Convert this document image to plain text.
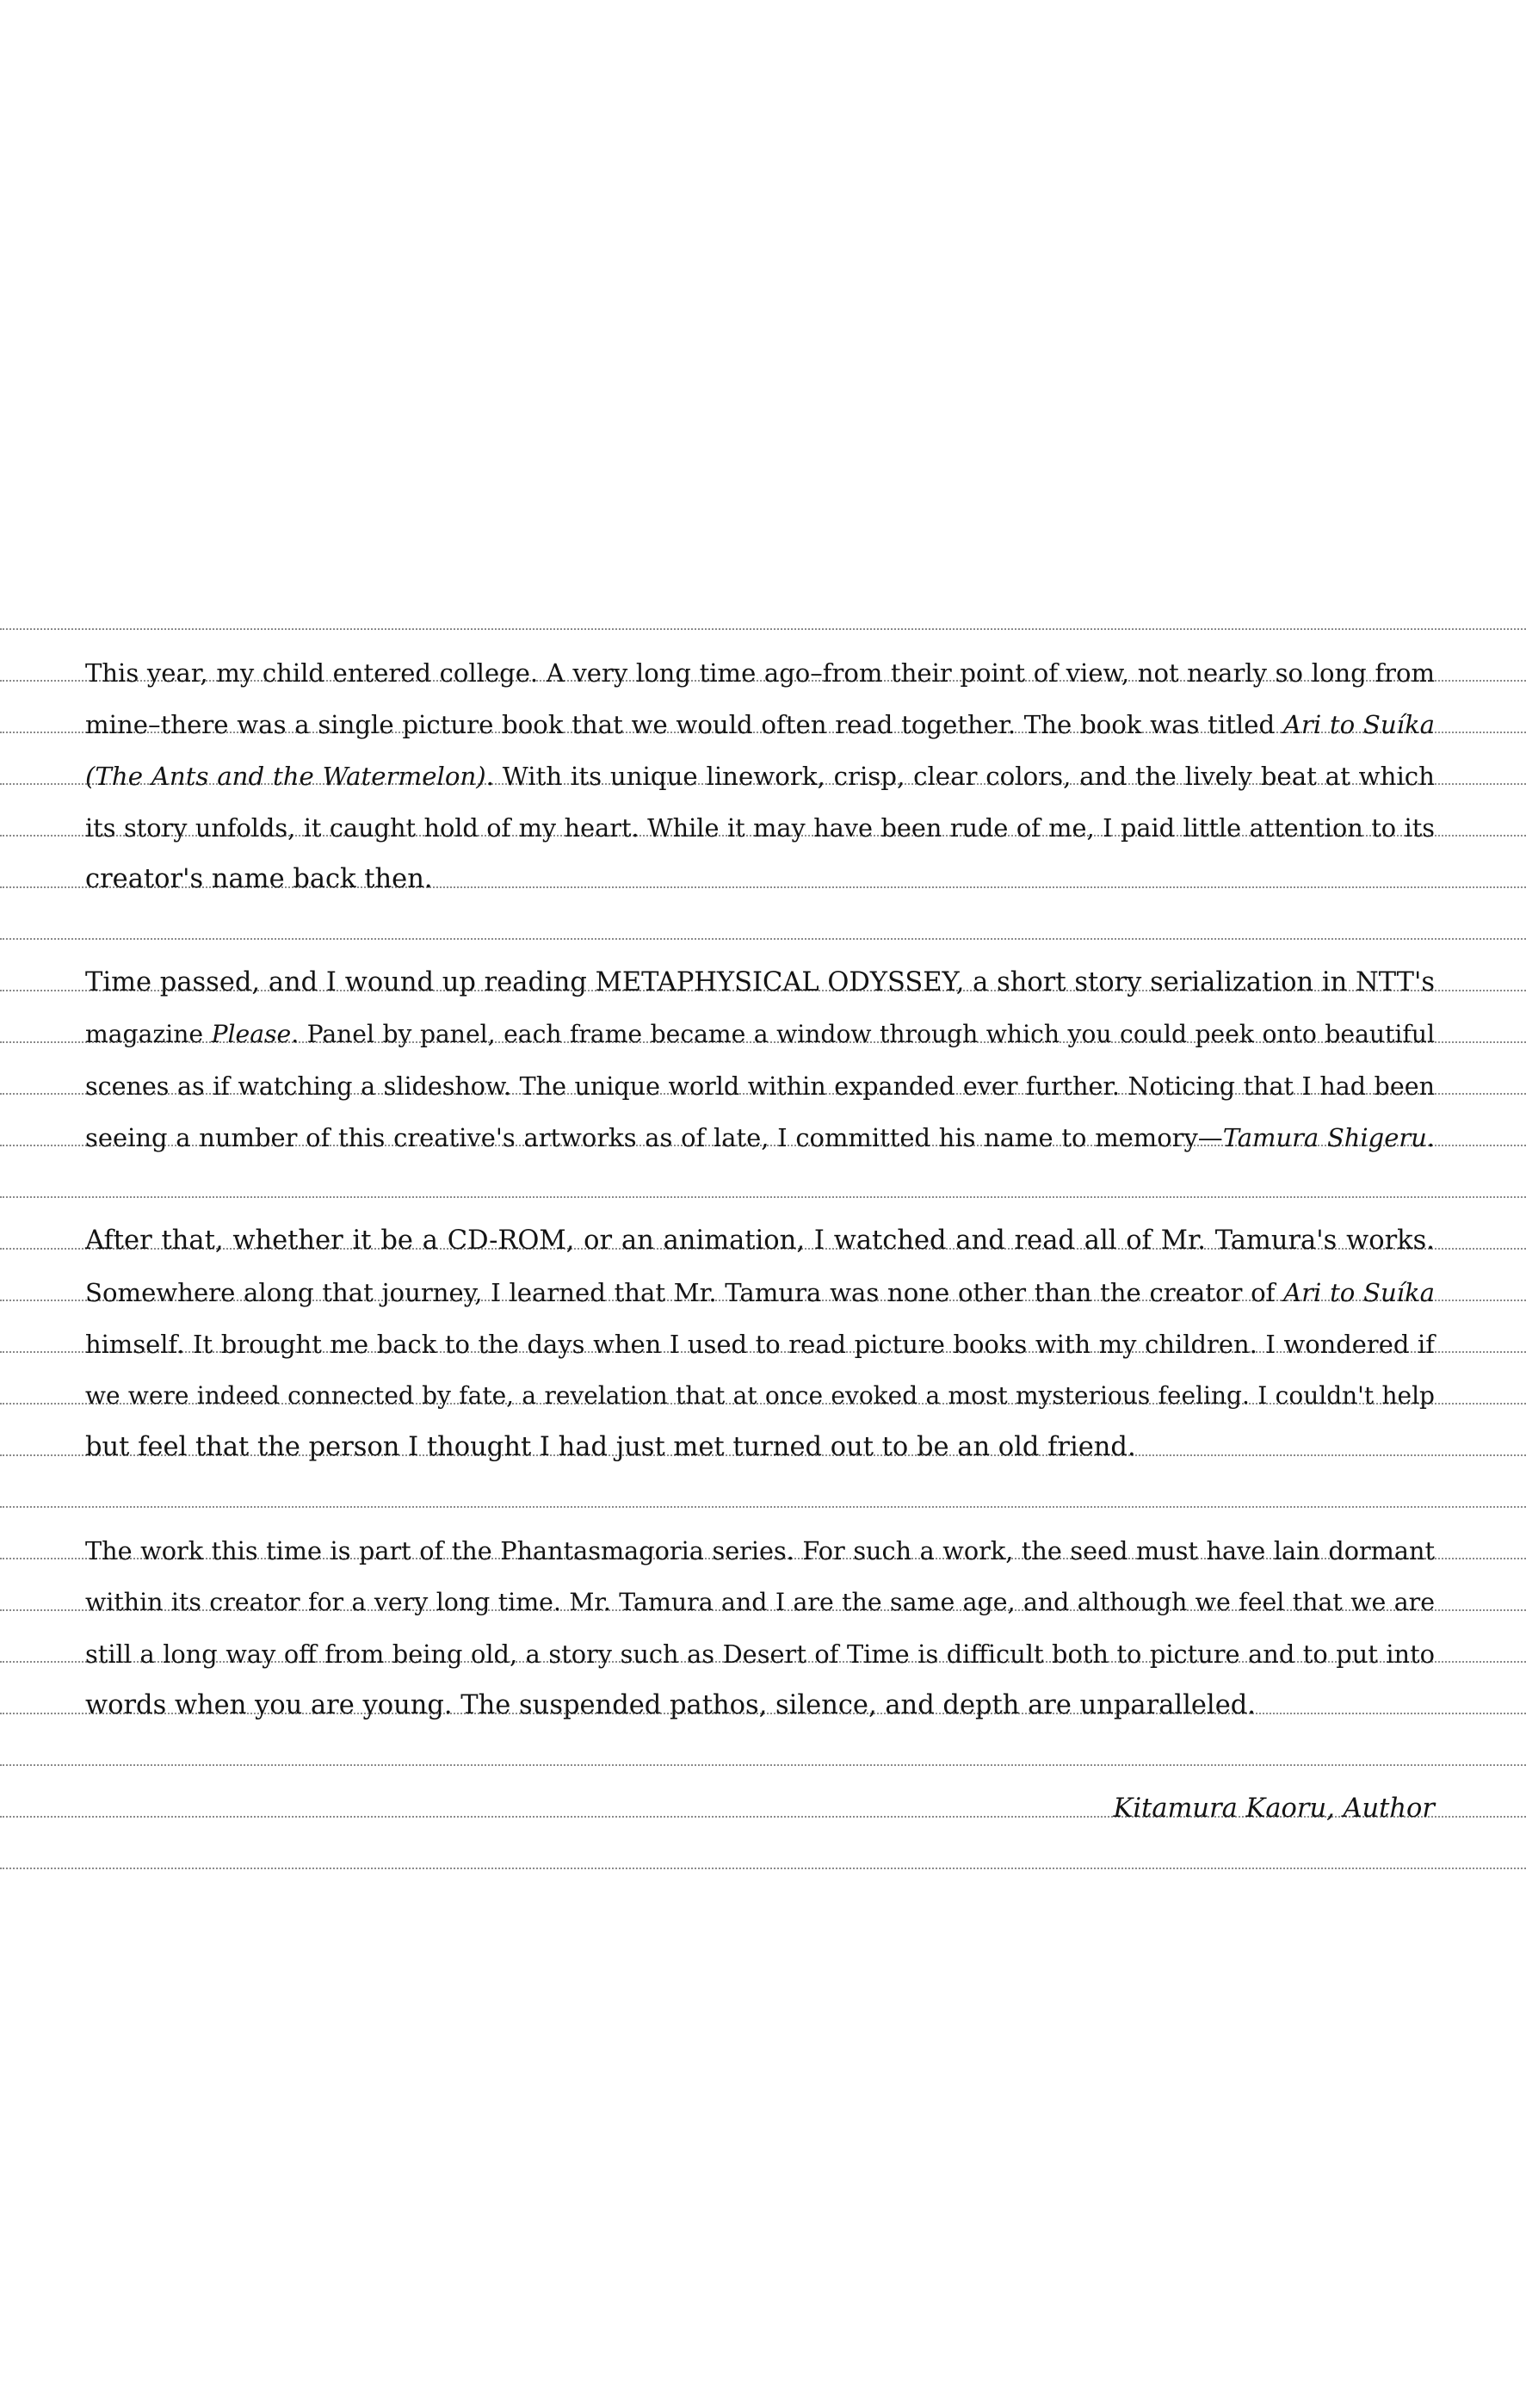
This year, my child entered college. A very long time ago–from their point of view, not nearly so long from
mine–there was a single picture book that we would often read together. The book was titled Ari to Suíka
(The Ants and the Watermelon). With its unique linework, crisp, clear colors, and the lively beat at which
its story unfolds, it caught hold of my heart. While it may have been rude of me, I paid little attention to its
creator's name back then.
Time passed, and I wound up reading METAPHYSICAL ODYSSEY, a short story serialization in NTT's
magazine Please. Panel by panel, each frame became a window through which you could peek onto beautiful
scenes as if watching a slideshow. The unique world within expanded ever further. Noticing that I had been
seeing a number of this creative's artworks as of late, I committed his name to memory—Tamura Shigeru.
After that, whether it be a CD-ROM, or an animation, I watched and read all of Mr. Tamura's works.
Somewhere along that journey, I learned that Mr. Tamura was none other than the creator of Ari to Suíka
himself. It brought me back to the days when I used to read picture books with my children. I wondered if
we were indeed connected by fate, a revelation that at once evoked a most mysterious feeling. I couldn't help
but feel that the person I thought I had just met turned out to be an old friend.
The work this time is part of the Phantasmagoria series. For such a work, the seed must have lain dormant
within its creator for a very long time. Mr. Tamura and I are the same age, and although we feel that we are
still a long way off from being old, a story such as Desert of Time is difficult both to picture and to put into
words when you are young. The suspended pathos, silence, and depth are unparalleled.
Kitamura Kaoru, Author
